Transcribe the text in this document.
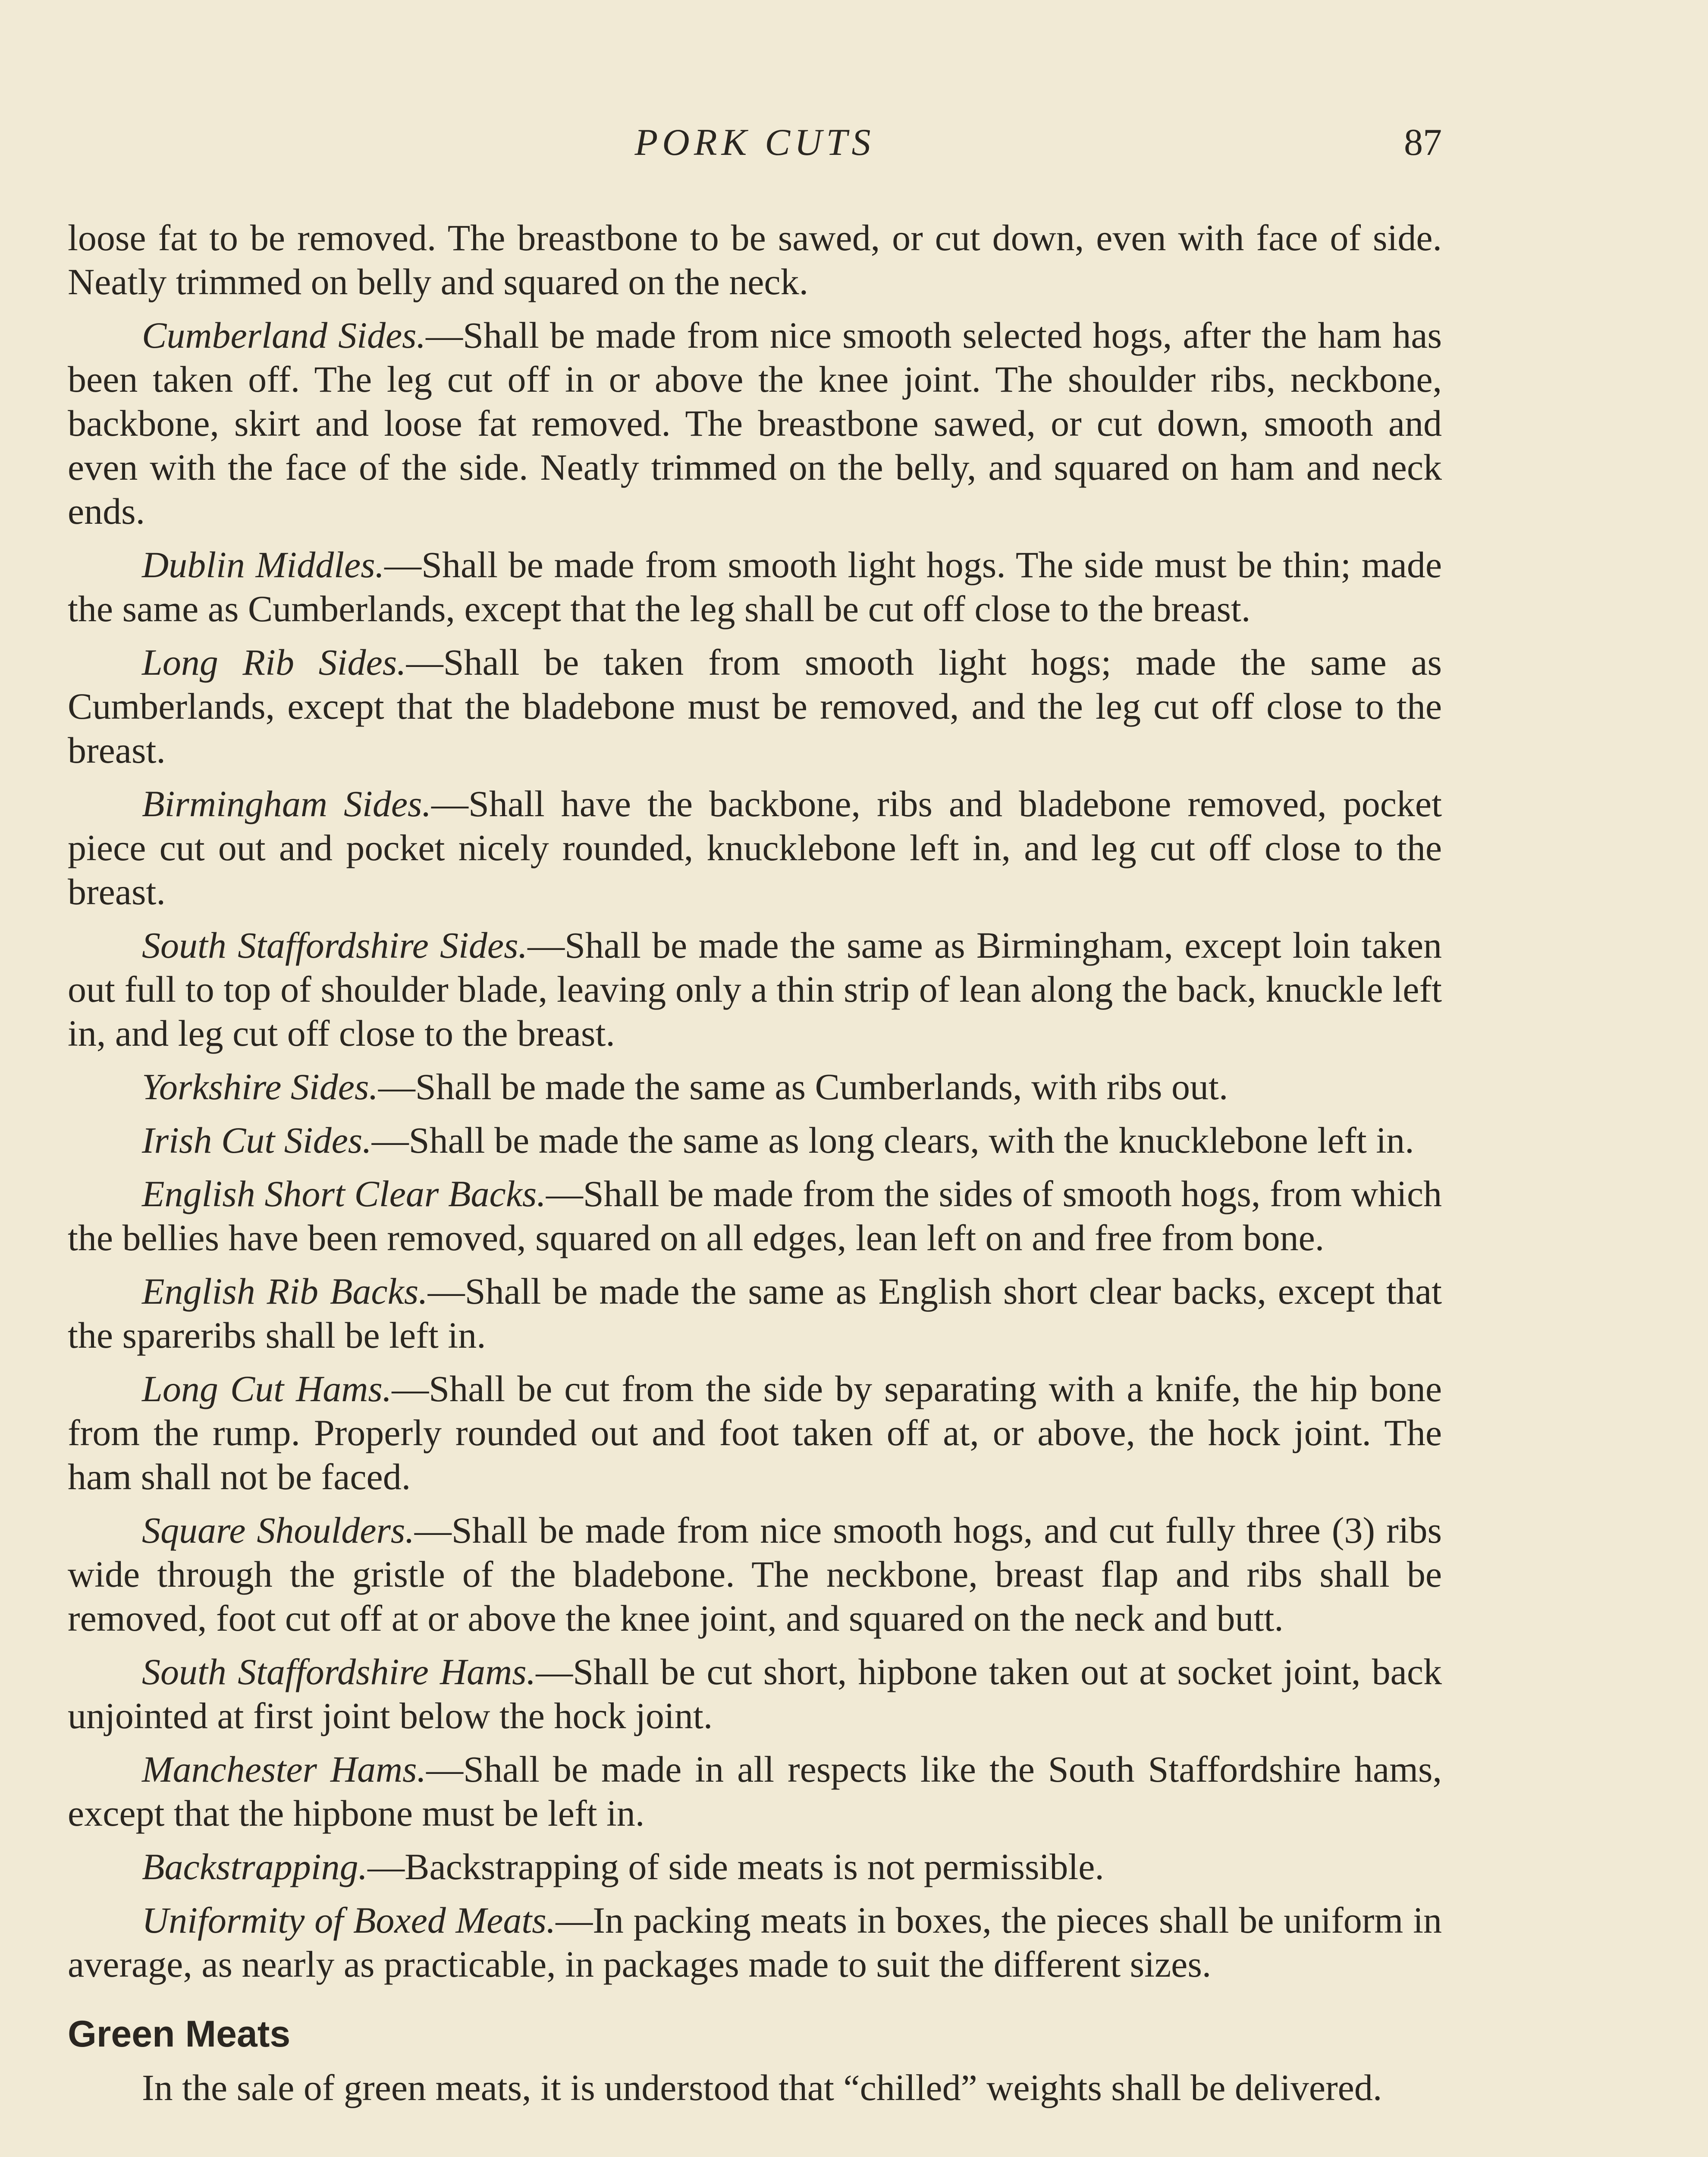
PORK CUTS	87

loose fat to be removed. The breastbone to be sawed, or cut down, even with face of side. Neatly trimmed on belly and squared on the neck.

Cumberland Sides.—Shall be made from nice smooth selected hogs, after the ham has been taken off. The leg cut off in or above the knee joint. The shoulder ribs, neckbone, backbone, skirt and loose fat removed. The breastbone sawed, or cut down, smooth and even with the face of the side. Neatly trimmed on the belly, and squared on ham and neck ends.

Dublin Middles.—Shall be made from smooth light hogs. The side must be thin; made the same as Cumberlands, except that the leg shall be cut off close to the breast.

Long Rib Sides.—Shall be taken from smooth light hogs; made the same as Cumberlands, except that the bladebone must be removed, and the leg cut off close to the breast.

Birmingham Sides.—Shall have the backbone, ribs and bladebone removed, pocket piece cut out and pocket nicely rounded, knucklebone left in, and leg cut off close to the breast.

South Staffordshire Sides.—Shall be made the same as Birmingham, except loin taken out full to top of shoulder blade, leaving only a thin strip of lean along the back, knuckle left in, and leg cut off close to the breast.

Yorkshire Sides.—Shall be made the same as Cumberlands, with ribs out.

Irish Cut Sides.—Shall be made the same as long clears, with the knucklebone left in.

English Short Clear Backs.—Shall be made from the sides of smooth hogs, from which the bellies have been removed, squared on all edges, lean left on and free from bone.

English Rib Backs.—Shall be made the same as English short clear backs, except that the spareribs shall be left in.

Long Cut Hams.—Shall be cut from the side by separating with a knife, the hip bone from the rump. Properly rounded out and foot taken off at, or above, the hock joint. The ham shall not be faced.

Square Shoulders.—Shall be made from nice smooth hogs, and cut fully three (3) ribs wide through the gristle of the bladebone. The neckbone, breast flap and ribs shall be removed, foot cut off at or above the knee joint, and squared on the neck and butt.

South Staffordshire Hams.—Shall be cut short, hipbone taken out at socket joint, back unjointed at first joint below the hock joint.

Manchester Hams.—Shall be made in all respects like the South Staffordshire hams, except that the hipbone must be left in.

Backstrapping.—Backstrapping of side meats is not permissible.

Uniformity of Boxed Meats.—In packing meats in boxes, the pieces shall be uniform in average, as nearly as practicable, in packages made to suit the different sizes.

Green Meats

In the sale of green meats, it is understood that “chilled” weights shall be delivered.
